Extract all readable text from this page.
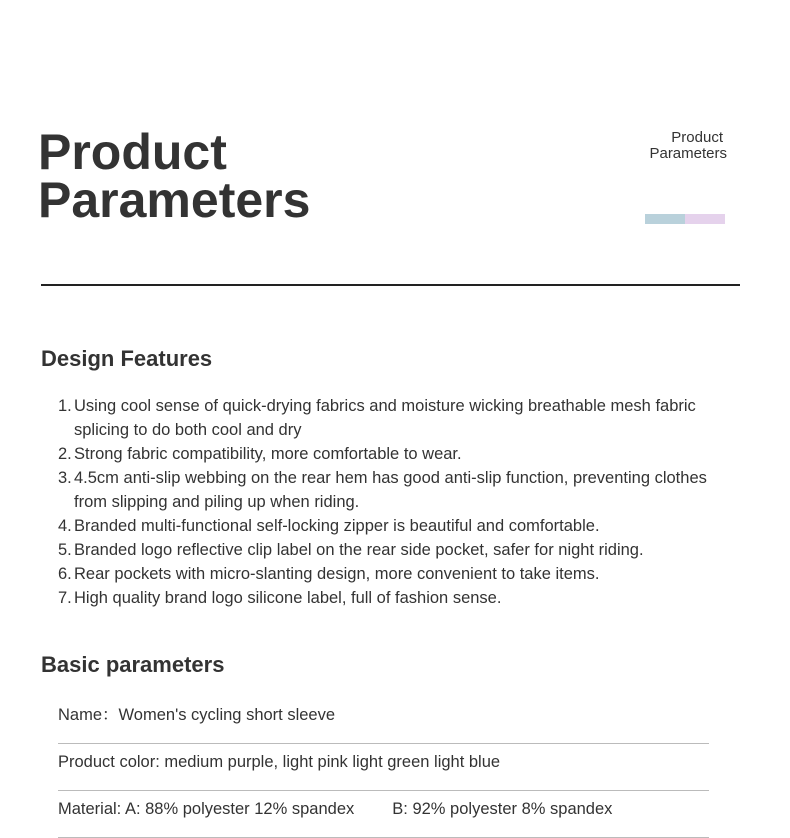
Product
Parameters
Product
Parameters
Design Features
1. Using cool sense of quick-drying fabrics and moisture wicking breathable mesh fabric splicing to do both cool and dry
2. Strong fabric compatibility, more comfortable to wear.
3. 4.5cm anti-slip webbing on the rear hem has good anti-slip function, preventing clothes from slipping and piling up when riding.
4. Branded multi-functional self-locking zipper is beautiful and comfortable.
5. Branded logo reflective clip label on the rear side pocket, safer for night riding.
6. Rear pockets with micro-slanting design, more convenient to take items.
7. High quality brand logo silicone label, full of fashion sense.
Basic parameters
Name：Women's cycling short sleeve
Product color: medium purple, light pink light green light blue
Material: A: 88% polyester 12% spandex B: 92% polyester 8% spandex
